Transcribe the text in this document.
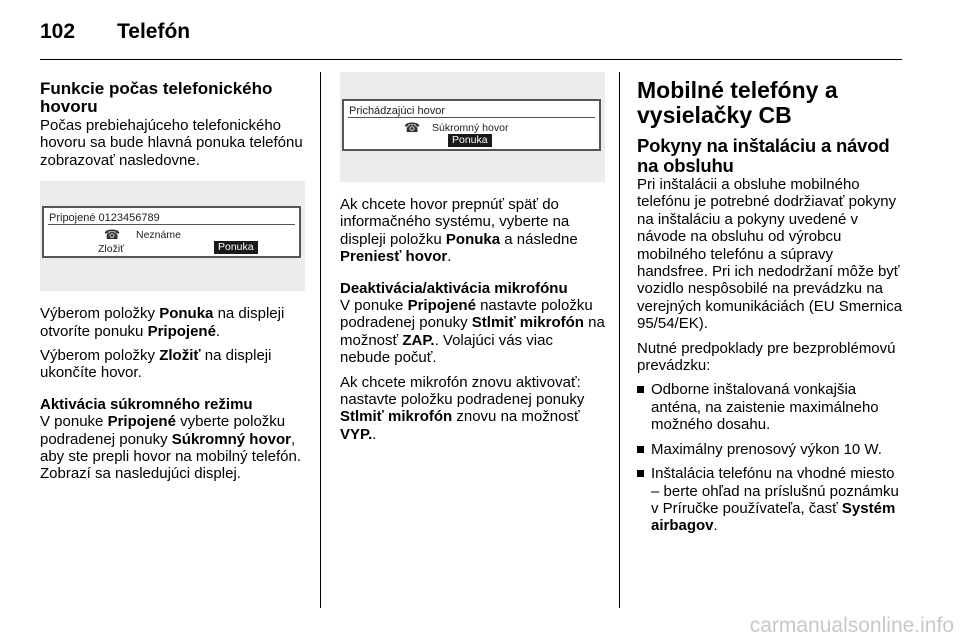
102 Telefón
Funkcie počas telefonického hovoru

Počas prebiehajúceho telefonického hovoru sa bude hlavná ponuka telefónu zobrazovať nasledovne.

Pripojené 0123456789
☎ Neznáme
Zložiť	Ponuka

Výberom položky Ponuka na displeji otvoríte ponuku Pripojené.

Výberom položky Zložiť na displeji ukončíte hovor.

Aktivácia súkromného režimu

V ponuke Pripojené vyberte položku podradenej ponuky Súkromný hovor, aby ste prepli hovor na mobilný telefón. Zobrazí sa nasledujúci displej.

Prichádzajúci hovor
☎ Súkromný hovor
Ponuka

Ak chcete hovor prepnúť späť do informačného systému, vyberte na displeji položku Ponuka a následne Preniesť hovor.

Deaktivácia/aktivácia mikrofónu

V ponuke Pripojené nastavte položku podradenej ponuky Stlmiť mikrofón na možnosť ZAP.. Volajúci vás viac nebude počuť.

Ak chcete mikrofón znovu aktivovať: nastavte položku podradenej ponuky Stlmiť mikrofón znovu na možnosť VYP..

Mobilné telefóny a vysielačky CB
Pokyny na inštaláciu a návod na obsluhu

Pri inštalácii a obsluhe mobilného telefónu je potrebné dodržiavať pokyny na inštaláciu a pokyny uvedené v návode na obsluhu od výrobcu mobilného telefónu a súpravy handsfree. Pri ich nedodržaní môže byť vozidlo nespôsobilé na prevádzku na verejných komunikáciách (EU Smernica 95/54/EK).

Nutné predpoklady pre bezproblémovú prevádzku:

Odborne inštalovaná vonkajšia anténa, na zaistenie maximálneho možného dosahu.
Maximálny prenosový výkon 10 W.
Inštalácia telefónu na vhodné miesto – berte ohľad na príslušnú poznámku v Príručke používateľa, časť Systém airbagov.
carmanualsonline.info
